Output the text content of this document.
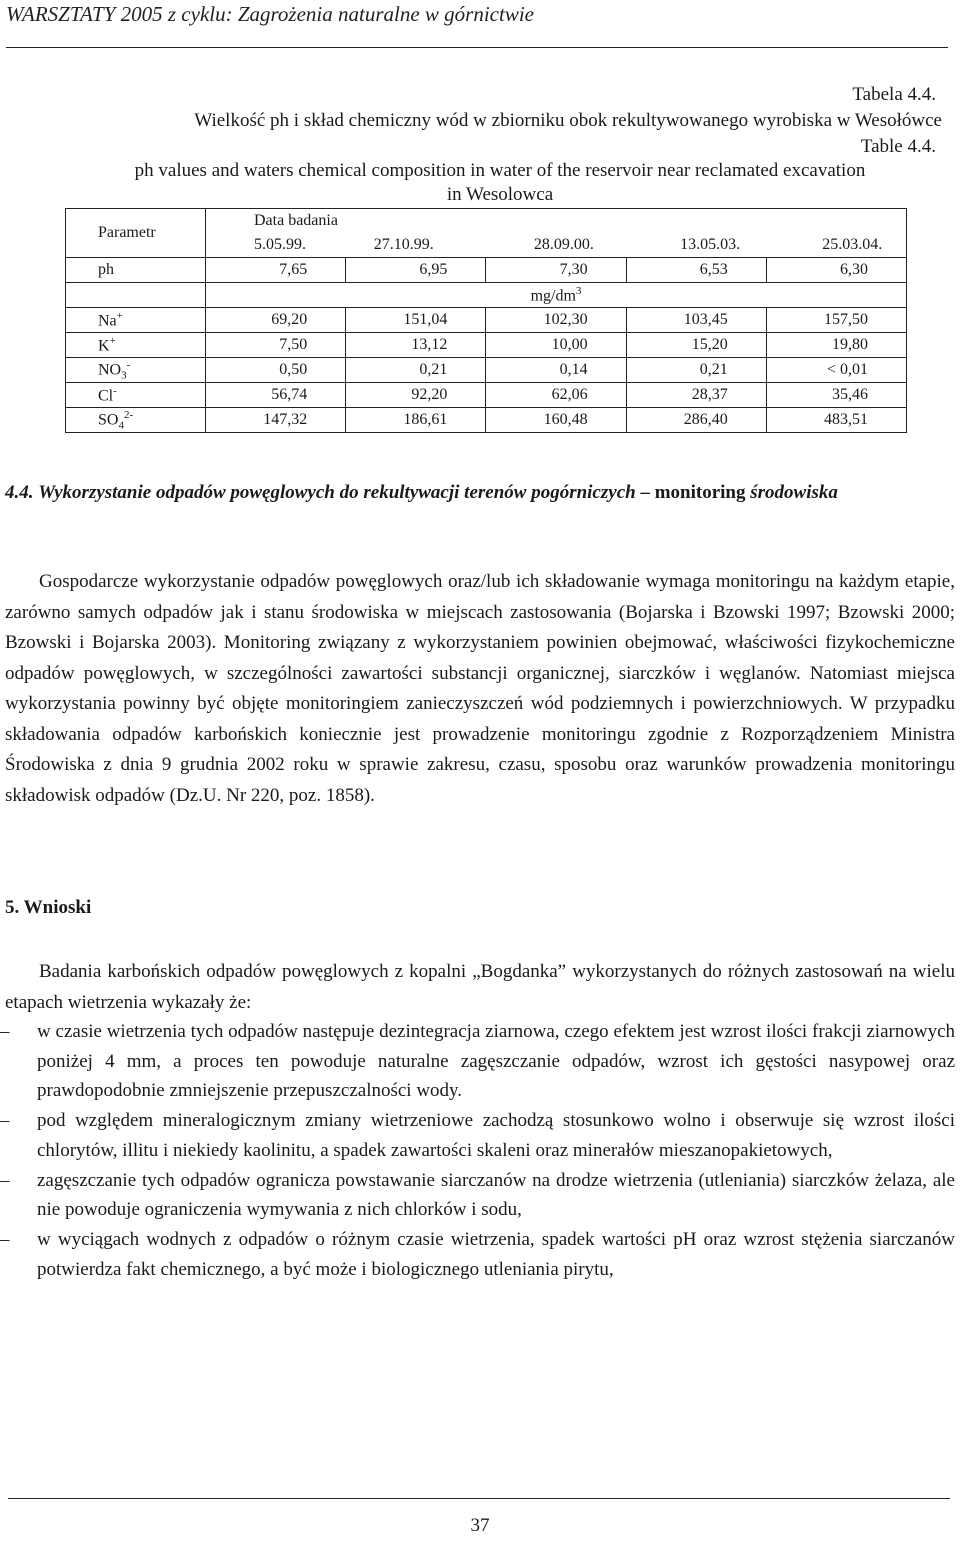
WARSZTATY 2005 z cyklu: Zagrożenia naturalne w górnictwie
Tabela 4.4.
Wielkość ph i skład chemiczny wód w zbiorniku obok rekultywowanego wyrobiska w Wesołówce
Table 4.4.
ph values and waters chemical composition in water of the reservoir near reclamated excavation
in Wesolowca
Parametr	Data badania				
	5.05.99.	27.10.99.	28.09.00.	13.05.03.	25.03.04.
ph	7,65	6,95	7,30	6,53	6,30
	$mg/dm^3$
Na+	69,20	151,04	102,30	103,45	157,50
K+	7,50	13,12	10,00	15,20	19,80
$NO_3^-$	0,50	0,21	0,14	0,21	< 0,01
Cl-	56,74	92,20	62,06	28,37	35,46
$SO_4^{2-}$	147,32	186,61	160,48	286,40	483,51
4.4. Wykorzystanie odpadów powęglowych do rekultywacji terenów pogórniczych – monitoring środowiska

Gospodarcze wykorzystanie odpadów powęglowych oraz/lub ich składowanie wymaga monitoringu na każdym etapie, zarówno samych odpadów jak i stanu środowiska w miejscach zastosowania (Bojarska i Bzowski 1997; Bzowski 2000; Bzowski i Bojarska 2003). Monitoring związany z wykorzystaniem powinien obejmować, właściwości fizykochemiczne odpadów powęglowych, w szczególności zawartości substancji organicznej, siarczków i węglanów. Natomiast miejsca wykorzystania powinny być objęte monitoringiem zanieczyszczeń wód podziemnych i powierzchniowych. W przypadku składowania odpadów karbońskich koniecznie jest prowadzenie monitoringu zgodnie z Rozporządzeniem Ministra Środowiska z dnia 9 grudnia 2002 roku w sprawie zakresu, czasu, sposobu oraz warunków prowadzenia monitoringu składowisk odpadów (Dz.U. Nr 220, poz. 1858).

5. Wnioski

Badania karbońskich odpadów powęglowych z kopalni „Bogdanka” wykorzystanych do różnych zastosowań na wielu etapach wietrzenia wykazały że:

– w czasie wietrzenia tych odpadów następuje dezintegracja ziarnowa, czego efektem jest wzrost ilości frakcji ziarnowych poniżej 4 mm, a proces ten powoduje naturalne zagęszczanie odpadów, wzrost ich gęstości nasypowej oraz prawdopodobnie zmniejszenie przepuszczalności wody.
– pod względem mineralogicznym zmiany wietrzeniowe zachodzą stosunkowo wolno i obserwuje się wzrost ilości chlorytów, illitu i niekiedy kaolinitu, a spadek zawartości skaleni oraz minerałów mieszanopakietowych,
– zagęszczanie tych odpadów ogranicza powstawanie siarczanów na drodze wietrzenia (utleniania) siarczków żelaza, ale nie powoduje ograniczenia wymywania z nich chlorków i sodu,
– w wyciągach wodnych z odpadów o różnym czasie wietrzenia, spadek wartości pH oraz wzrost stężenia siarczanów potwierdza fakt chemicznego, a być może i biologicznego utleniania pirytu,
37
